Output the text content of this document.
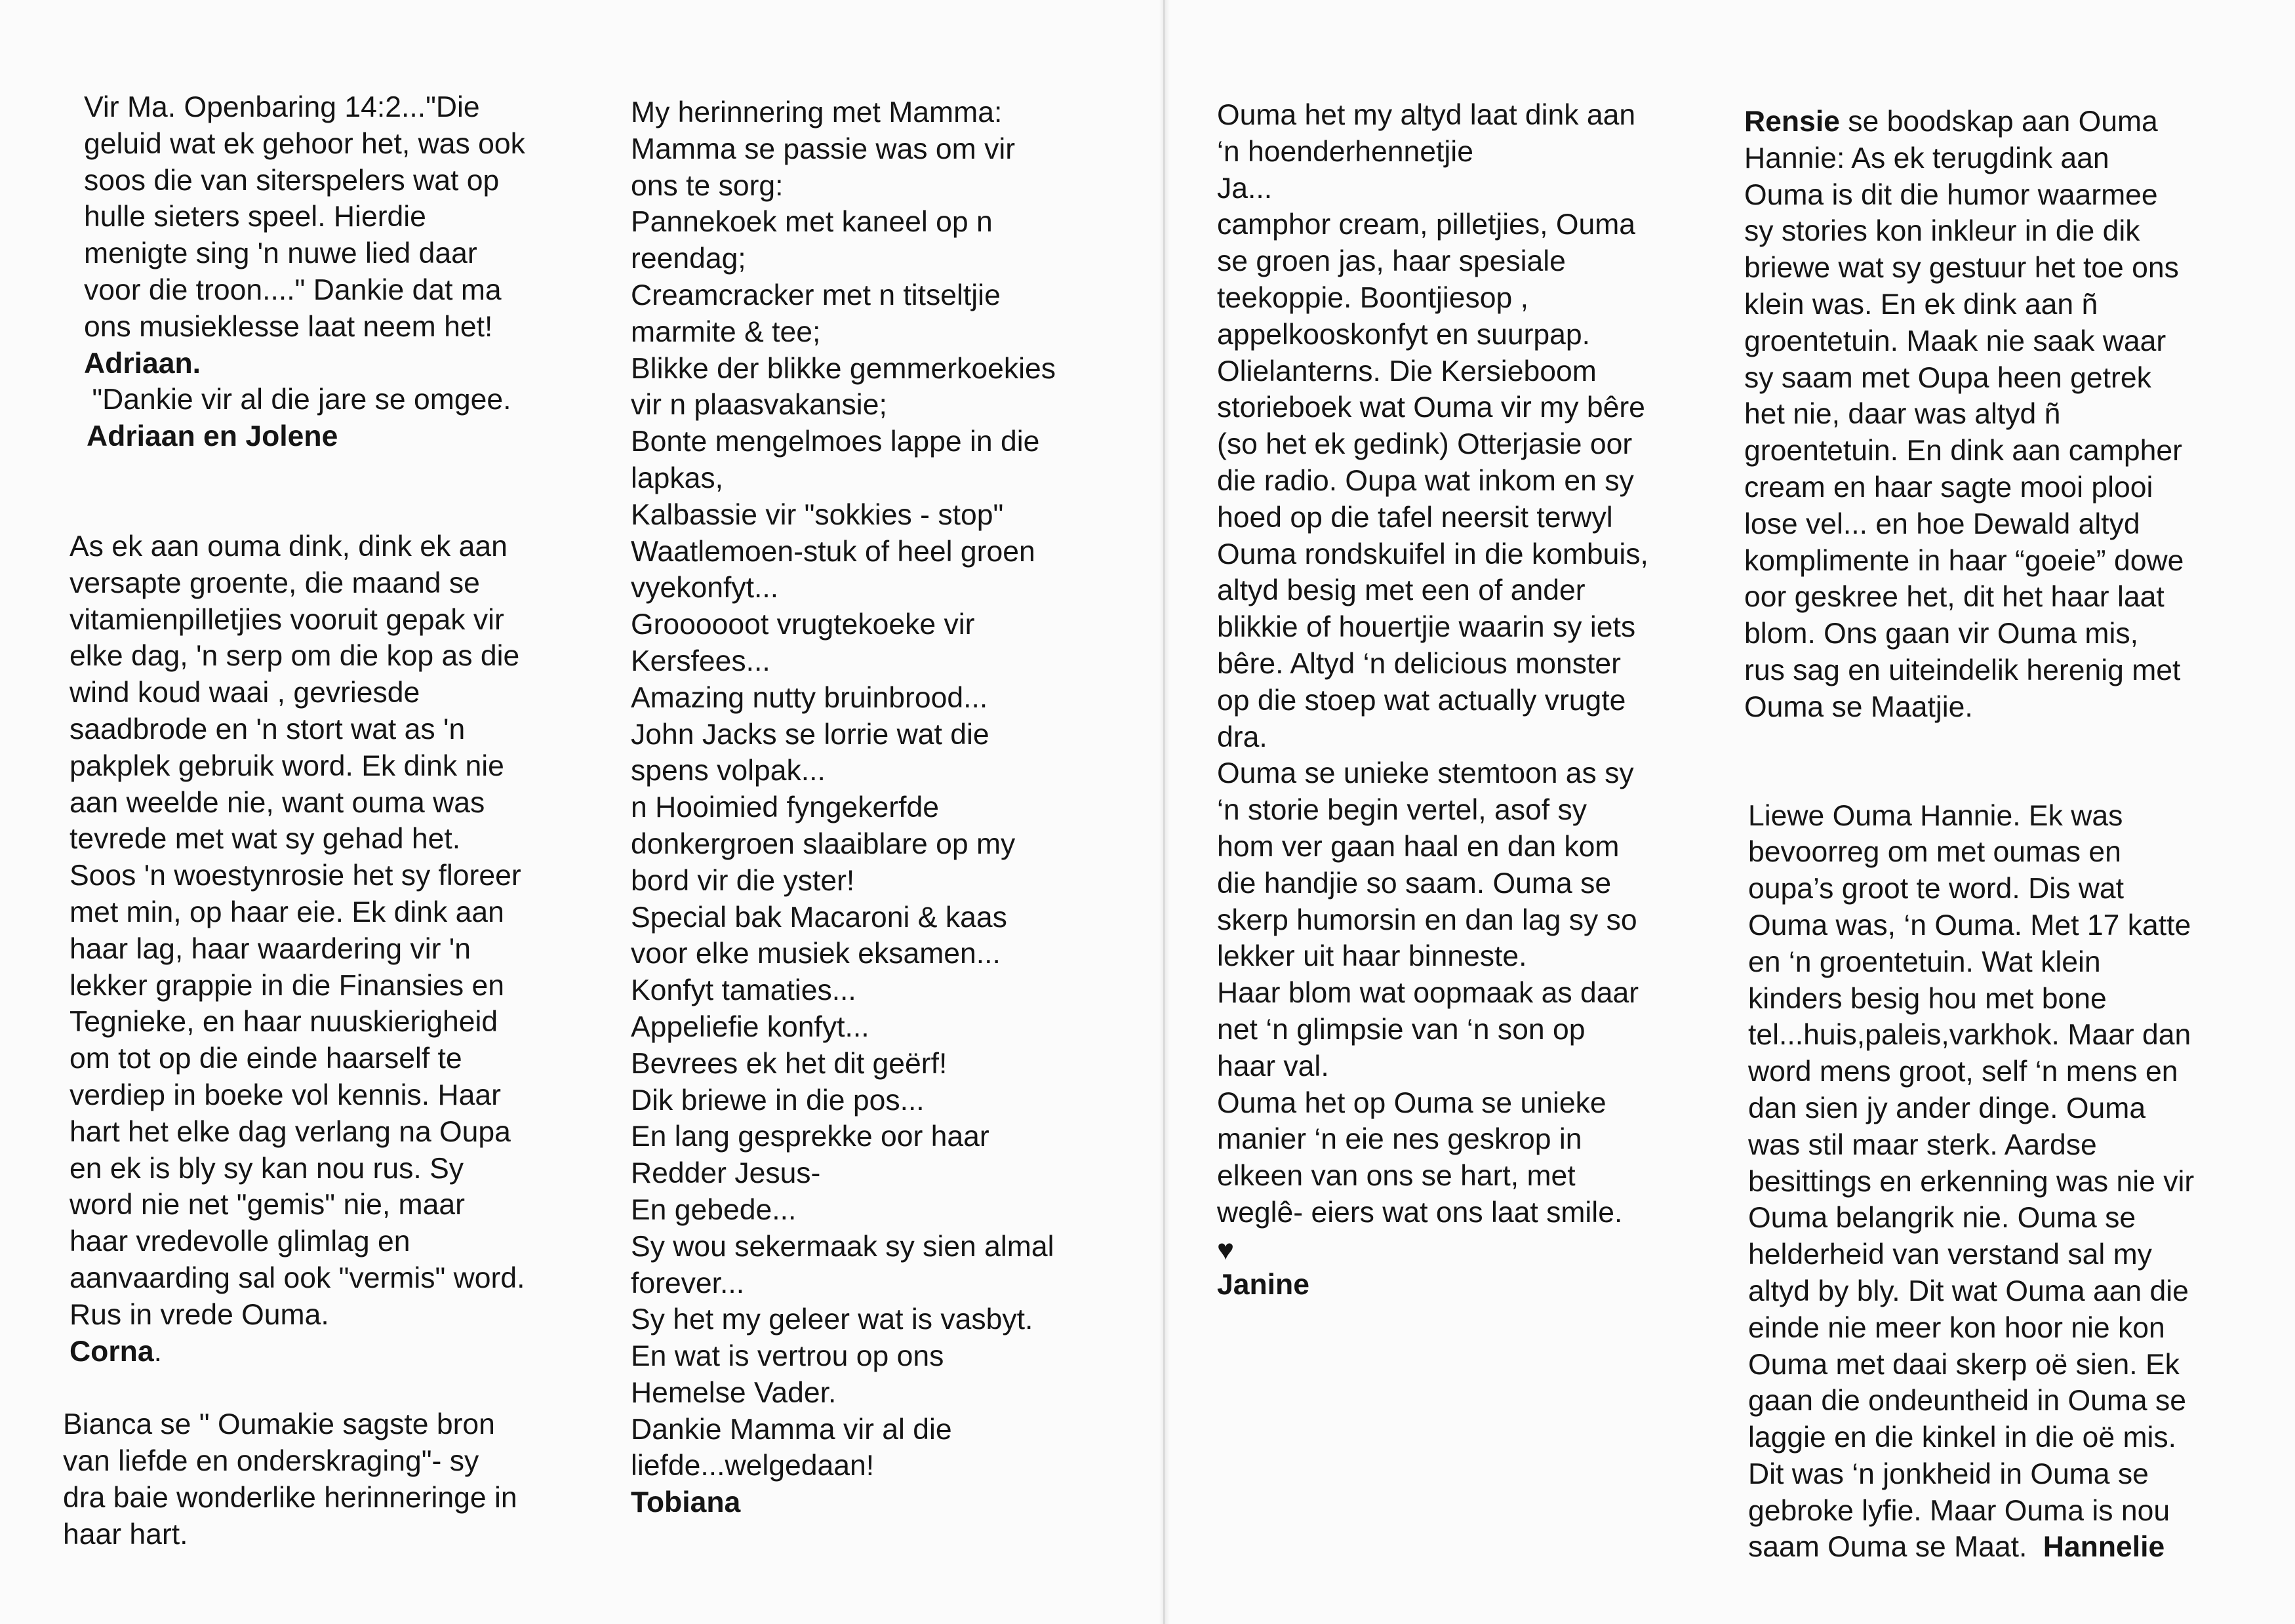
Vir Ma. Openbaring 14:2..."Die

geluid wat ek gehoor het, was ook

soos die van siterspelers wat op

hulle sieters speel. Hierdie

menigte sing 'n nuwe lied daar

voor die troon...." Dankie dat ma

ons musieklesse laat neem het!

Adriaan.

"Dankie vir al die jare se omgee.

Adriaan en Jolene

As ek aan ouma dink, dink ek aan

versapte groente, die maand se

vitamienpilletjies vooruit gepak vir

elke dag, 'n serp om die kop as die

wind koud waai , gevriesde

saadbrode en 'n stort wat as 'n

pakplek gebruik word. Ek dink nie

aan weelde nie, want ouma was

tevrede met wat sy gehad het.

Soos 'n woestynrosie het sy floreer

met min, op haar eie. Ek dink aan

haar lag, haar waardering vir 'n

lekker grappie in die Finansies en

Tegnieke, en haar nuuskierigheid

om tot op die einde haarself te

verdiep in boeke vol kennis. Haar

hart het elke dag verlang na Oupa

en ek is bly sy kan nou rus. Sy

word nie net "gemis" nie, maar

haar vredevolle glimlag en

aanvaarding sal ook "vermis" word.

Rus in vrede Ouma.

Corna.

Bianca se " Oumakie sagste bron

van liefde en onderskraging"- sy

dra baie wonderlike herinneringe in

haar hart.

My herinnering met Mamma:

Mamma se passie was om vir

ons te sorg:

Pannekoek met kaneel op n

reendag;

Creamcracker met n titseltjie

marmite & tee;

Blikke der blikke gemmerkoekies

vir n plaasvakansie;

Bonte mengelmoes lappe in die

lapkas,

Kalbassie vir "sokkies - stop"

Waatlemoen-stuk of heel groen

vyekonfyt...

Groooooot vrugtekoeke vir

Kersfees...

Amazing nutty bruinbrood...

John Jacks se lorrie wat die

spens volpak...

n Hooimied fyngekerfde

donkergroen slaaiblare op my

bord vir die yster!

Special bak Macaroni & kaas

voor elke musiek eksamen...

Konfyt tamaties...

Appeliefie konfyt...

Bevrees ek het dit geërf!

Dik briewe in die pos...

En lang gesprekke oor haar

Redder Jesus-

En gebede...

Sy wou sekermaak sy sien almal

forever...

Sy het my geleer wat is vasbyt.

En wat is vertrou op ons

Hemelse Vader.

Dankie Mamma vir al die

liefde...welgedaan!

Tobiana

Ouma het my altyd laat dink aan

‘n hoenderhennetjie

Ja...

camphor cream, pilletjies, Ouma

se groen jas, haar spesiale

teekoppie. Boontjiesop ,

appelkooskonfyt en suurpap.

Olielanterns. Die Kersieboom

storieboek wat Ouma vir my bêre

(so het ek gedink) Otterjasie oor

die radio. Oupa wat inkom en sy

hoed op die tafel neersit terwyl

Ouma rondskuifel in die kombuis,

altyd besig met een of ander

blikkie of houertjie waarin sy iets

bêre. Altyd ‘n delicious monster

op die stoep wat actually vrugte

dra.

Ouma se unieke stemtoon as sy

‘n storie begin vertel, asof sy

hom ver gaan haal en dan kom

die handjie so saam. Ouma se

skerp humorsin en dan lag sy so

lekker uit haar binneste.

Haar blom wat oopmaak as daar

net ‘n glimpsie van ‘n son op

haar val.

Ouma het op Ouma se unieke

manier ‘n eie nes geskrop in

elkeen van ons se hart, met

weglê- eiers wat ons laat smile.

♥

Janine

Rensie se boodskap aan Ouma

Hannie: As ek terugdink aan

Ouma is dit die humor waarmee

sy stories kon inkleur in die dik

briewe wat sy gestuur het toe ons

klein was. En ek dink aan ñ

groentetuin. Maak nie saak waar

sy saam met Oupa heen getrek

het nie, daar was altyd ñ

groentetuin. En dink aan campher

cream en haar sagte mooi plooi

lose vel... en hoe Dewald altyd

komplimente in haar “goeie” dowe

oor geskree het, dit het haar laat

blom. Ons gaan vir Ouma mis,

rus sag en uiteindelik herenig met

Ouma se Maatjie.

Liewe Ouma Hannie. Ek was

bevoorreg om met oumas en

oupa’s groot te word. Dis wat

Ouma was, ‘n Ouma. Met 17 katte

en ‘n groentetuin. Wat klein

kinders besig hou met bone

tel...huis,paleis,varkhok. Maar dan

word mens groot, self ‘n mens en

dan sien jy ander dinge. Ouma

was stil maar sterk. Aardse

besittings en erkenning was nie vir

Ouma belangrik nie. Ouma se

helderheid van verstand sal my

altyd by bly. Dit wat Ouma aan die

einde nie meer kon hoor nie kon

Ouma met daai skerp oë sien. Ek

gaan die ondeuntheid in Ouma se

laggie en die kinkel in die oë mis.

Dit was ‘n jonkheid in Ouma se

gebroke lyfie. Maar Ouma is nou

saam Ouma se Maat. Hannelie
